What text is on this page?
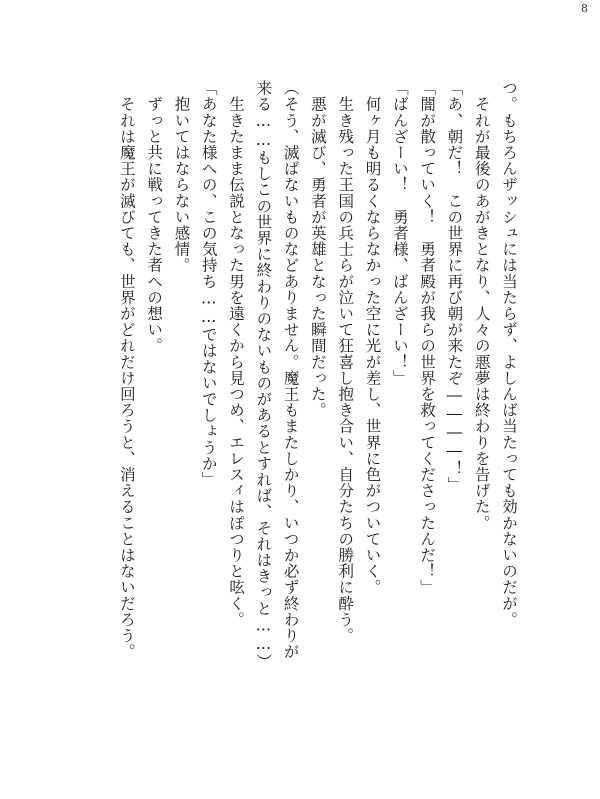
8
つ。もちろんザッシュには当たらず、よしんば当たっても効かないのだが。
　それが最後のあがきとなり、人々の悪夢は終わりを告げた。
「あ、朝だ！　この世界に再び朝が来たぞ――――！」
「闇が散っていく！　勇者殿が我らの世界を救ってくださったんだ！」
「ばんざーい！　勇者様、ばんざーい！」
　何ヶ月も明るくならなかった空に光が差し、世界に色がついていく。
　生き残った王国の兵士らが泣いて狂喜し抱き合い、自分たちの勝利に酔う。
　悪が滅び、勇者が英雄となった瞬間だった。
（そう、滅ばないものなどありません。魔王もまたしかり、いつか必ず終わりが
来る……もしこの世界に終わりのないものがあるとすれば、それはきっと……）
　生きたまま伝説となった男を遠くから見つめ、エレスィはぽつりと呟く。
「あなた様への、この気持ち……ではないでしょうか」
　抱いてはならない感情。
　ずっと共に戦ってきた者への想い。
　それは魔王が滅びても、世界がどれだけ回ろうと、消えることはないだろう。
